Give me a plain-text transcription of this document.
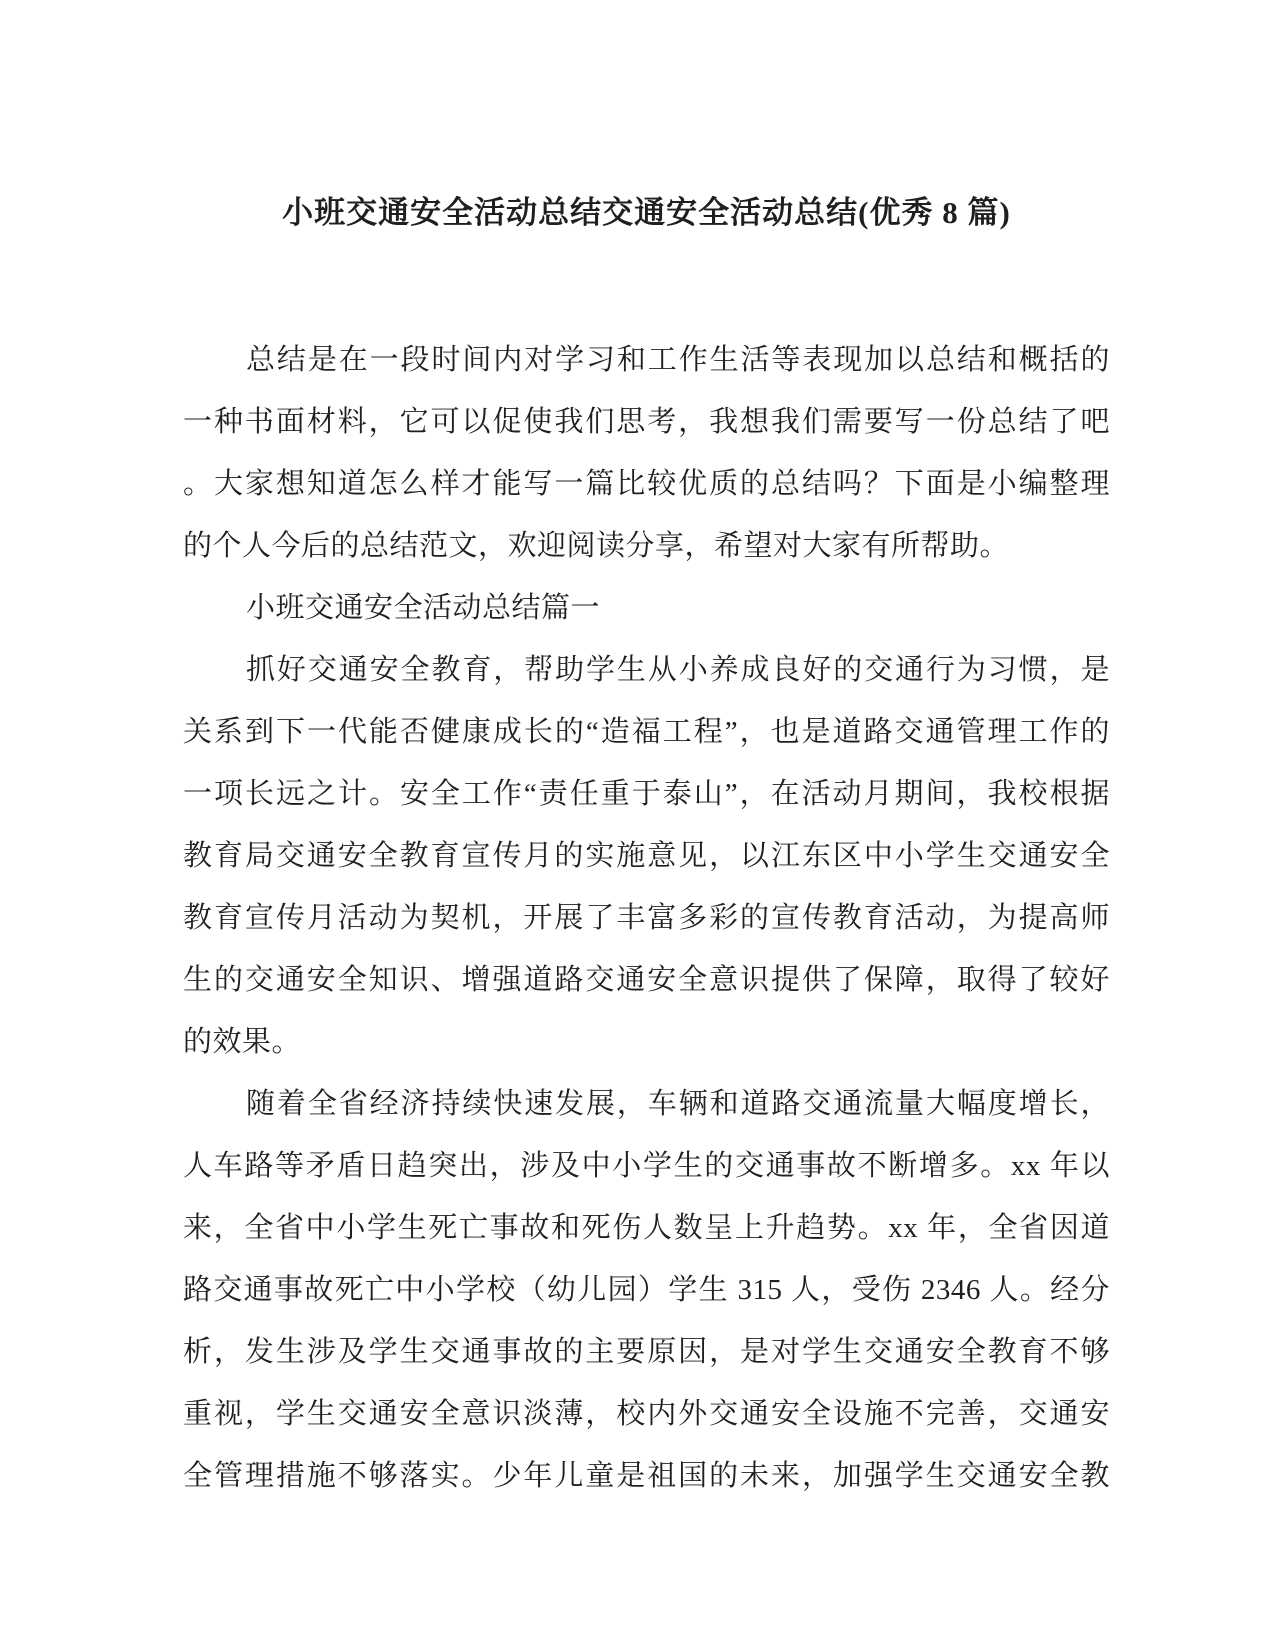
小班交通安全活动总结交通安全活动总结(优秀 8 篇)
总结是在一段时间内对学习和工作生活等表现加以总结和概括的
一种书面材料，它可以促使我们思考，我想我们需要写一份总结了吧
。大家想知道怎么样才能写一篇比较优质的总结吗？下面是小编整理
的个人今后的总结范文，欢迎阅读分享，希望对大家有所帮助。
小班交通安全活动总结篇一
抓好交通安全教育，帮助学生从小养成良好的交通行为习惯，是
关系到下一代能否健康成长的“造福工程”，也是道路交通管理工作的
一项长远之计。安全工作“责任重于泰山”，在活动月期间，我校根据
教育局交通安全教育宣传月的实施意见，以江东区中小学生交通安全
教育宣传月活动为契机，开展了丰富多彩的宣传教育活动，为提高师
生的交通安全知识、增强道路交通安全意识提供了保障，取得了较好
的效果。
随着全省经济持续快速发展，车辆和道路交通流量大幅度增长，
人车路等矛盾日趋突出，涉及中小学生的交通事故不断增多。xx 年以
来，全省中小学生死亡事故和死伤人数呈上升趋势。xx 年，全省因道
路交通事故死亡中小学校（幼儿园）学生 315 人，受伤 2346 人。经分
析，发生涉及学生交通事故的主要原因，是对学生交通安全教育不够
重视，学生交通安全意识淡薄，校内外交通安全设施不完善，交通安
全管理措施不够落实。少年儿童是祖国的未来，加强学生交通安全教
